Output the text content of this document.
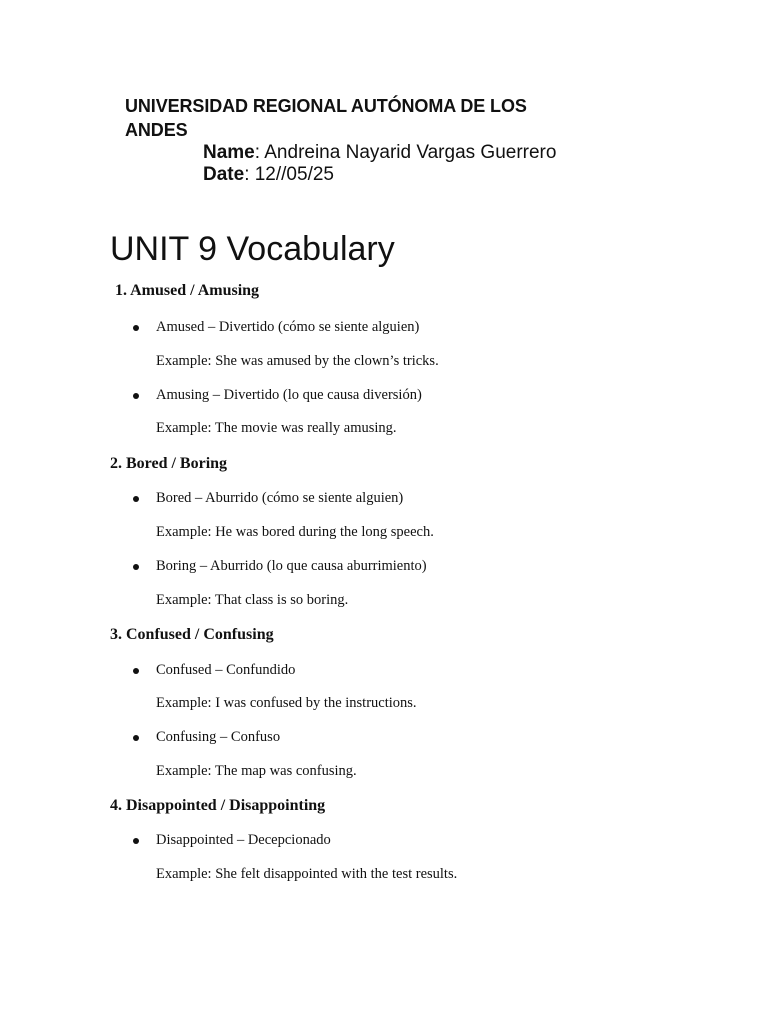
UNIVERSIDAD REGIONAL AUTÓNOMA DE LOS ANDES
Name: Andreina Nayarid Vargas Guerrero
Date: 12//05/25
UNIT 9 Vocabulary
1. Amused / Amusing
Amused – Divertido (cómo se siente alguien)
Example: She was amused by the clown’s tricks.
Amusing – Divertido (lo que causa diversión)
Example: The movie was really amusing.
2. Bored / Boring
Bored – Aburrido (cómo se siente alguien)
Example: He was bored during the long speech.
Boring – Aburrido (lo que causa aburrimiento)
Example: That class is so boring.
3. Confused / Confusing
Confused – Confundido
Example: I was confused by the instructions.
Confusing – Confuso
Example: The map was confusing.
4. Disappointed / Disappointing
Disappointed – Decepcionado
Example: She felt disappointed with the test results.
